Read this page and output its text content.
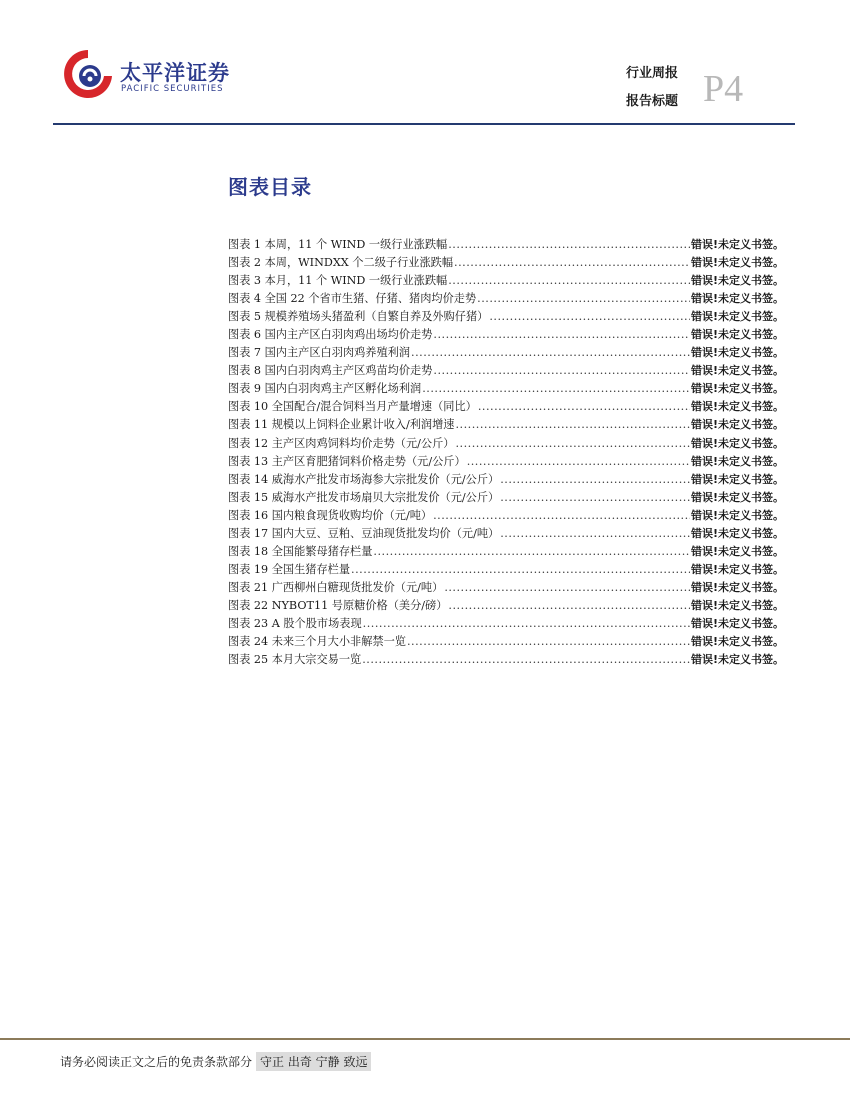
太平洋证券
PACIFIC SECURITIES
行业周报
报告标题 P4
图表目录
图表 1 本周，11 个 WIND 一级行业涨跌幅 .....	错误!未定义书签。
图表 2 本周，WINDXX 个二级子行业涨跌幅 .....	错误!未定义书签。
图表 3 本月，11 个 WIND 一级行业涨跌幅 .....	错误!未定义书签。
图表 4 全国 22 个省市生猪、仔猪、猪肉均价走势 .....	错误!未定义书签。
图表 5 规模养殖场头猪盈利（自繁自养及外购仔猪） .....	错误!未定义书签。
图表 6 国内主产区白羽肉鸡出场均价走势 .....	错误!未定义书签。
图表 7 国内主产区白羽肉鸡养殖利润 .....	错误!未定义书签。
图表 8 国内白羽肉鸡主产区鸡苗均价走势 .....	错误!未定义书签。
图表 9 国内白羽肉鸡主产区孵化场利润 .....	错误!未定义书签。
图表 10 全国配合/混合饲料当月产量增速（同比） .....	错误!未定义书签。
图表 11 规模以上饲料企业累计收入/利润增速 .....	错误!未定义书签。
图表 12 主产区肉鸡饲料均价走势（元/公斤） .....	错误!未定义书签。
图表 13 主产区育肥猪饲料价格走势（元/公斤） .....	错误!未定义书签。
图表 14 威海水产批发市场海参大宗批发价（元/公斤） .....	错误!未定义书签。
图表 15 威海水产批发市场扇贝大宗批发价（元/公斤） .....	错误!未定义书签。
图表 16 国内粮食现货收购均价（元/吨） .....	错误!未定义书签。
图表 17 国内大豆、豆粕、豆油现货批发均价（元/吨） .....	错误!未定义书签。
图表 18 全国能繁母猪存栏量 .....	错误!未定义书签。
图表 19 全国生猪存栏量 .....	错误!未定义书签。
图表 21 广西柳州白糖现货批发价（元/吨） .....	错误!未定义书签。
图表 22 NYBOT11 号原糖价格（美分/磅） .....	错误!未定义书签。
图表 23 A 股个股市场表现 .....	错误!未定义书签。
图表 24 未来三个月大小非解禁一览 .....	错误!未定义书签。
图表 25 本月大宗交易一览 .....	错误!未定义书签。
请务必阅读正文之后的免责条款部分 守正 出奇 宁静 致远
